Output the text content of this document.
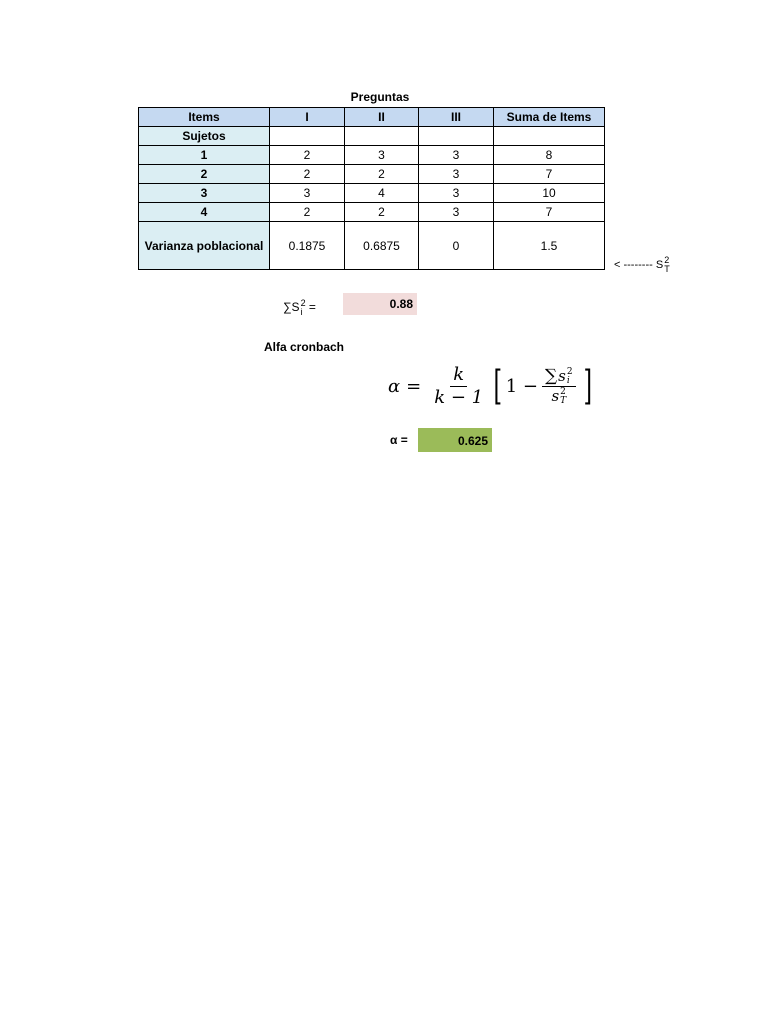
Preguntas
Items	I	II	III	Suma de Items
Sujetos				
1	2	3	3	8
2	2	2	3	7
3	3	4	3	10
4	2	2	3	7
Varianza poblacional	0.1875	0.6875	0	1.5
< -------- S 2
T
∑S 2
i =	0.88
Alfa cronbach
$\alpha = \frac{k}{k - 1}$ [ 1 − ∑s 2
i
s 2
T ]
α =	0.625
